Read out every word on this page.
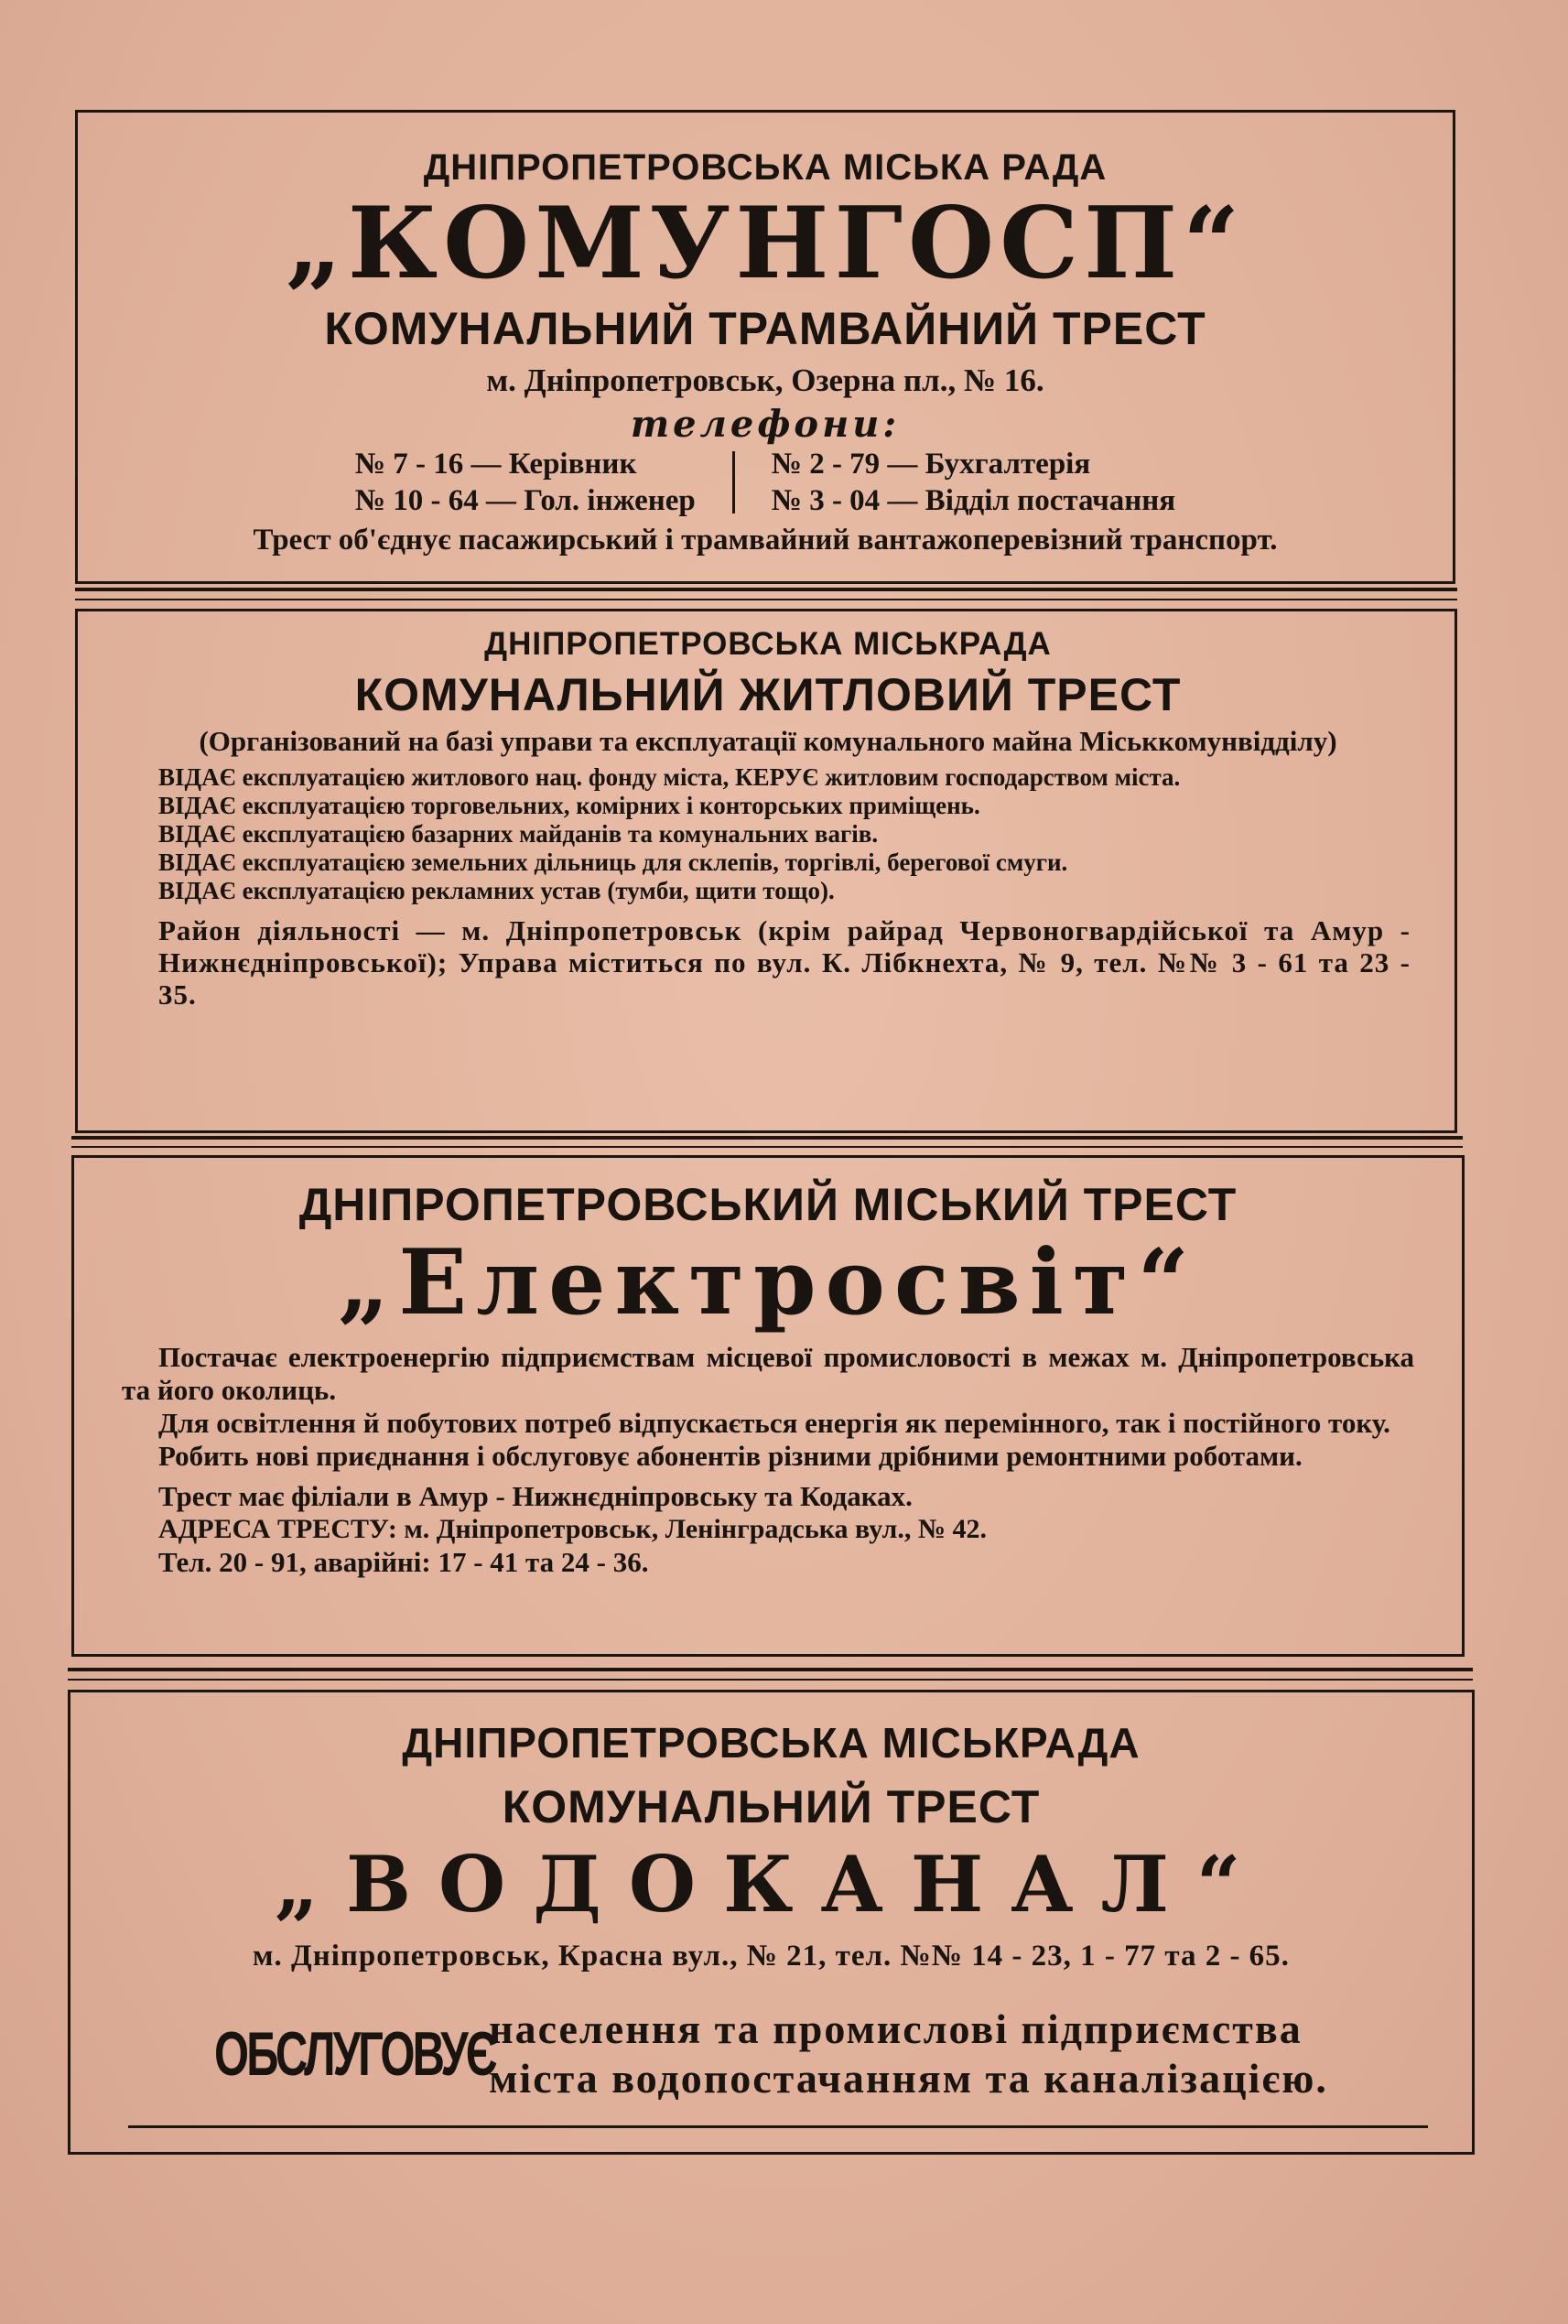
ДНІПРОПЕТРОВСЬКА МІСЬКА РАДА
„КОМУНГОСП“
КОМУНАЛЬНИЙ ТРАМВАЙНИЙ ТРЕСТ
м. Дніпропетровськ, Озерна пл., № 16.
телефони:
№ 7 - 16 — Керівник
№ 10 - 64 — Гол. інженер
№ 2 - 79 — Бухгалтерія
№ 3 - 04 — Відділ постачання
Трест об'єднує пасажирський і трамвайний вантажоперевізний транспорт.
ДНІПРОПЕТРОВСЬКА МІСЬКРАДА
КОМУНАЛЬНИЙ ЖИТЛОВИЙ ТРЕСТ
(Організований на базі управи та експлуатації комунального майна Міськкомунвідділу)
ВІДАЄ експлуатацією житлового нац. фонду міста, КЕРУЄ житловим господарством міста.
ВІДАЄ експлуатацією торговельних, комірних і конторських приміщень.
ВІДАЄ експлуатацією базарних майданів та комунальних вагів.
ВІДАЄ експлуатацією земельних дільниць для склепів, торгівлі, берегової смуги.
ВІДАЄ експлуатацією рекламних устав (тумби, щити тощо).
Район діяльності — м. Дніпропетровськ (крім райрад Червоногвардійської та Амур - Нижнєдніпровської); Управа міститься по вул. К. Лібкнехта, № 9, тел. №№ 3 - 61 та 23 - 35.
ДНІПРОПЕТРОВСЬКИЙ МІСЬКИЙ ТРЕСТ
„Електросвіт“
Постачає електроенергію підприємствам місцевої промисловості в межах м. Дніпропетровська та його околиць.
Для освітлення й побутових потреб відпускається енергія як перемінного, так і постійного току.
Робить нові приєднання і обслуговує абонентів різними дрібними ремонтними роботами.
Трест має філіали в Амур - Нижнєдніпровську та Кодаках.
АДРЕСА ТРЕСТУ: м. Дніпропетровськ, Ленінградська вул., № 42.
Тел. 20 - 91, аварійні: 17 - 41 та 24 - 36.
ДНІПРОПЕТРОВСЬКА МІСЬКРАДА
КОМУНАЛЬНИЙ ТРЕСТ
„ВОДОКАНАЛ“
м. Дніпропетровськ, Красна вул., № 21, тел. №№ 14 - 23, 1 - 77 та 2 - 65.
ОБСЛУГОВУЄ
населення та промислові підприємства
міста водопостачанням та каналізацією.
